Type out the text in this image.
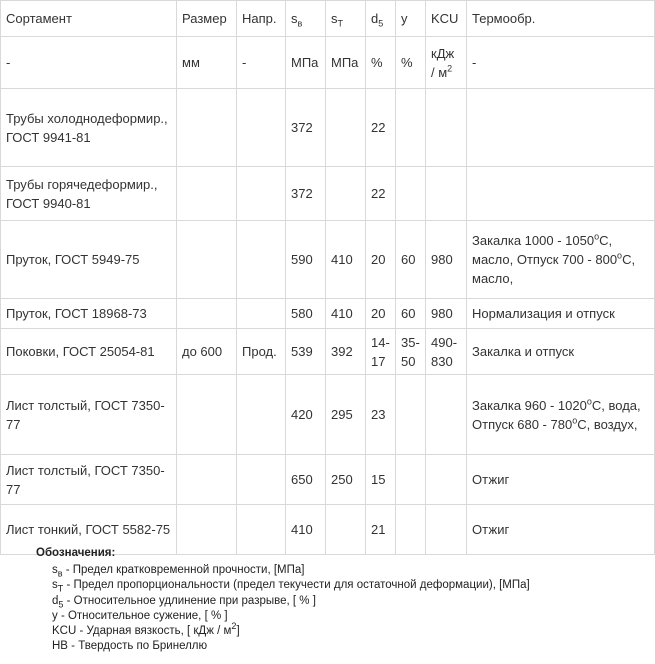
Сортамент	Размер	Напр.	$s_в$	$s_T$	$d_5$	y	KCU	Термообр.
-	мм	-	МПа	МПа	%	%	кДж / $м^2$	-
Трубы холоднодеформир., ГОСТ 9941-81			372		22			
Трубы горячедеформир., ГОСТ 9940-81			372		22			
Пруток, ГОСТ 5949-75			590	410	20	60	980	Закалка 1000 - 1050$^o$С, масло, Отпуск 700 - 800$^o$С, масло,
Пруток, ГОСТ 18968-73			580	410	20	60	980	Нормализация и отпуск
Поковки, ГОСТ 25054-81	до 600	Прод.	539	392	14-17	35-50	490-830	Закалка и отпуск
Лист толстый, ГОСТ 7350-77			420	295	23			Закалка 960 - 1020$^o$С, вода, Отпуск 680 - 780$^o$С, воздух,
Лист толстый, ГОСТ 7350-77			650	250	15			Отжиг
Лист тонкий, ГОСТ 5582-75			410		21			Отжиг
Обозначения:
$s_в$ - Предел кратковременной прочности, [МПа]
$s_T$ - Предел пропорциональности (предел текучести для остаточной деформации), [МПа]
$d_5$ - Относительное удлинение при разрыве, [ % ]
y - Относительное сужение, [ % ]
KCU - Ударная вязкость, [ кДж / $м^2$]
HB - Твердость по Бринеллю
